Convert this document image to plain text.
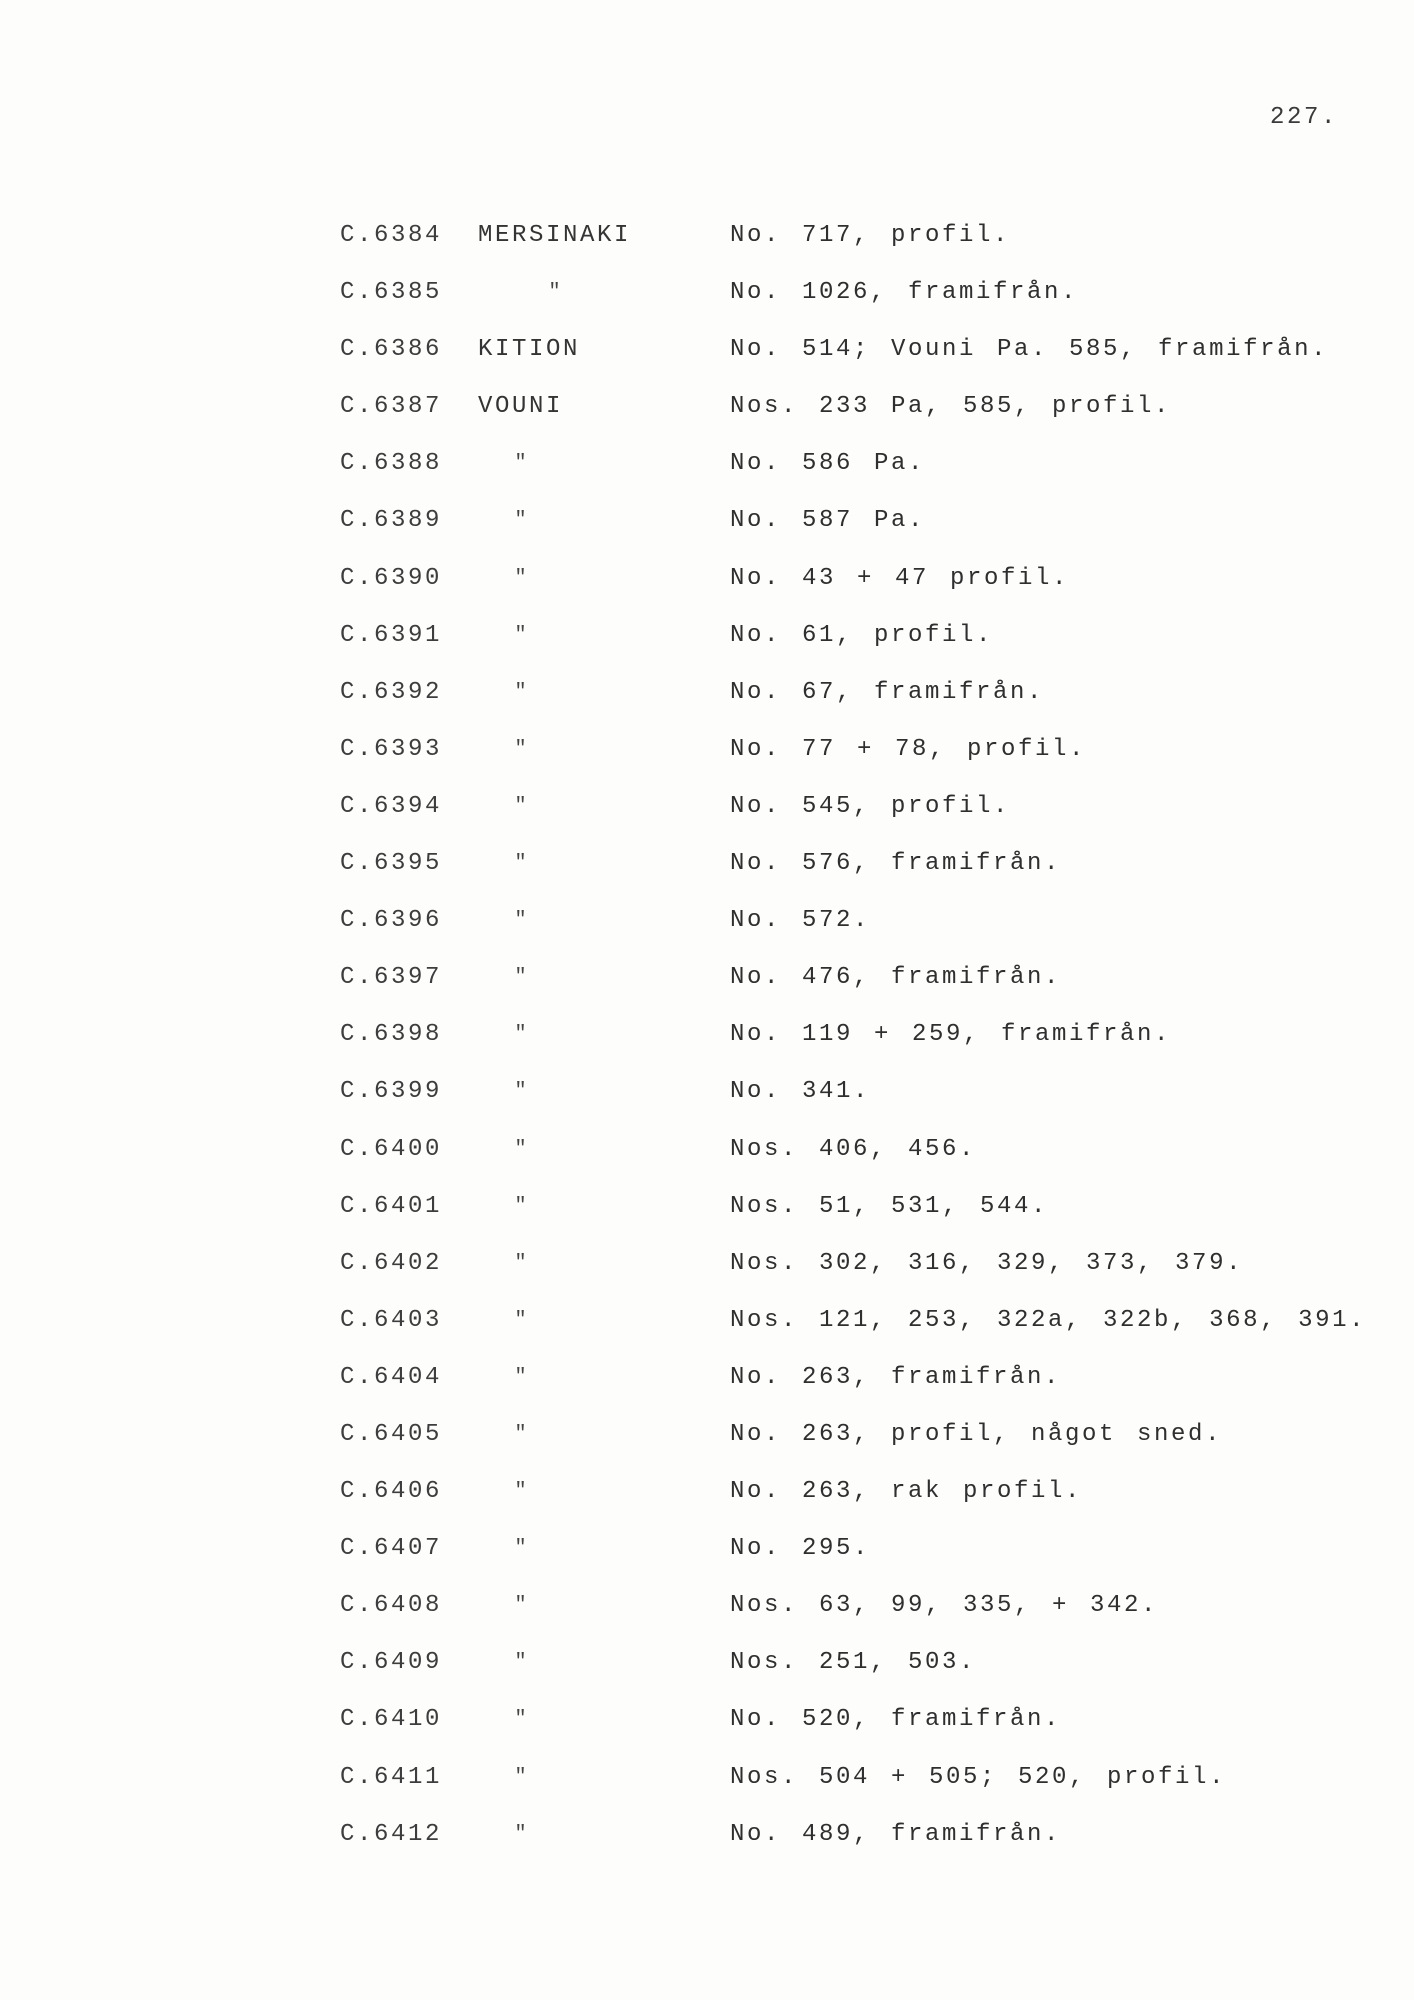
227.
C.6384 MERSINAKI	No. 717, profil.
C.6385	"	No. 1026, framifrån.
C.6386 KITION	No. 514; Vouni Pa. 585, framifrån.
C.6387 VOUNI	Nos. 233 Pa, 585, profil.
C.6388	"	No. 586 Pa.
C.6389	"	No. 587 Pa.
C.6390	"	No. 43 + 47 profil.
C.6391	"	No. 61, profil.
C.6392	"	No. 67, framifrån.
C.6393	"	No. 77 + 78, profil.
C.6394	"	No. 545, profil.
C.6395	"	No. 576, framifrån.
C.6396	"	No. 572.
C.6397	"	No. 476, framifrån.
C.6398	"	No. 119 + 259, framifrån.
C.6399	"	No. 341.
C.6400	"	Nos. 406, 456.
C.6401	"	Nos. 51, 531, 544.
C.6402	"	Nos. 302, 316, 329, 373, 379.
C.6403	"	Nos. 121, 253, 322a, 322b, 368, 391.
C.6404	"	No. 263, framifrån.
C.6405	"	No. 263, profil, något sned.
C.6406	"	No. 263, rak profil.
C.6407	"	No. 295.
C.6408	"	Nos. 63, 99, 335, + 342.
C.6409	"	Nos. 251, 503.
C.6410	"	No. 520, framifrån.
C.6411	"	Nos. 504 + 505; 520, profil.
C.6412	"	No. 489, framifrån.
